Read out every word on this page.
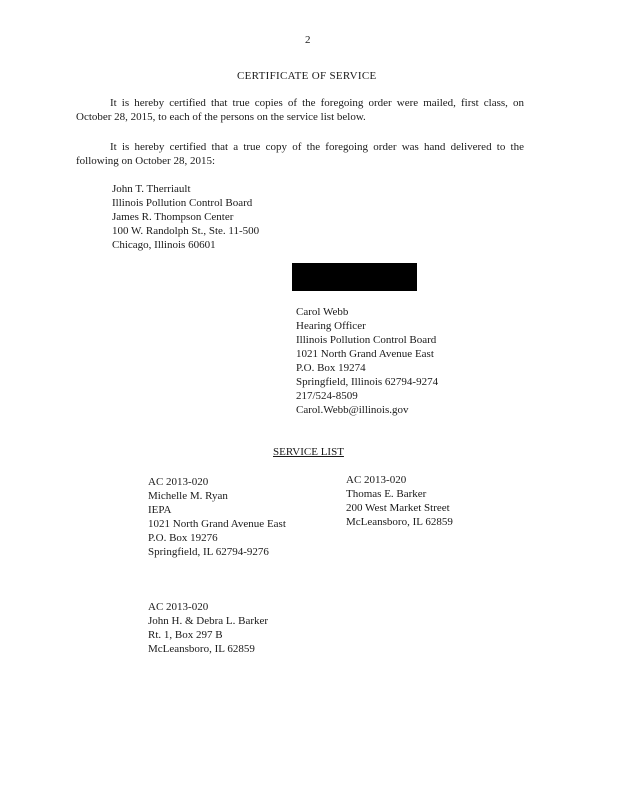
2
CERTIFICATE OF SERVICE
It is hereby certified that true copies of the foregoing order were mailed, first class, on October 28, 2015, to each of the persons on the service list below.
It is hereby certified that a true copy of the foregoing order was hand delivered to the following on October 28, 2015:
John T. Therriault
Illinois Pollution Control Board
James R. Thompson Center
100 W. Randolph St., Ste. 11-500
Chicago, Illinois 60601
Carol Webb
Hearing Officer
Illinois Pollution Control Board
1021 North Grand Avenue East
P.O. Box 19274
Springfield, Illinois 62794-9274
217/524-8509
Carol.Webb@illinois.gov
SERVICE LIST
AC 2013-020
Michelle M. Ryan
IEPA
1021 North Grand Avenue East
P.O. Box 19276
Springfield, IL 62794-9276
AC 2013-020
Thomas E. Barker
200 West Market Street
McLeansboro, IL 62859
AC 2013-020
John H. & Debra L. Barker
Rt. 1, Box 297 B
McLeansboro, IL 62859
